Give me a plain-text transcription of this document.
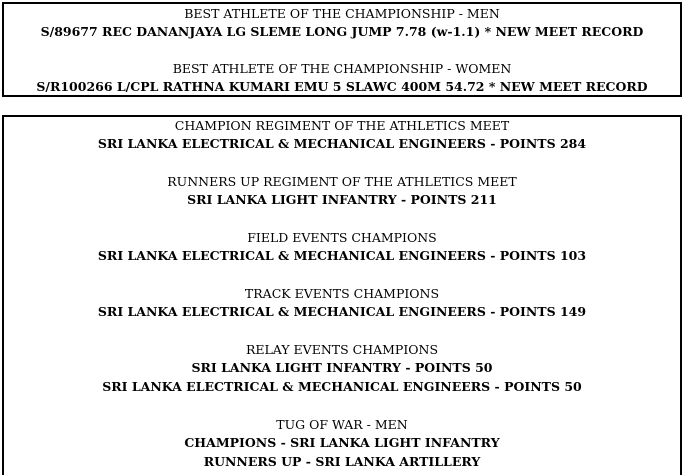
BEST ATHLETE OF THE CHAMPIONSHIP - MEN
S/89677 REC DANANJAYA LG SLEME LONG JUMP 7.78 (w-1.1) * NEW MEET RECORD
BEST ATHLETE OF THE CHAMPIONSHIP - WOMEN
S/R100266 L/CPL RATHNA KUMARI EMU 5 SLAWC 400M 54.72 * NEW MEET RECORD
CHAMPION REGIMENT OF THE ATHLETICS MEET
SRI LANKA ELECTRICAL & MECHANICAL ENGINEERS - POINTS 284
RUNNERS UP REGIMENT OF THE ATHLETICS MEET
SRI LANKA LIGHT INFANTRY - POINTS 211
FIELD EVENTS CHAMPIONS
SRI LANKA ELECTRICAL & MECHANICAL ENGINEERS - POINTS 103
TRACK EVENTS CHAMPIONS
SRI LANKA ELECTRICAL & MECHANICAL ENGINEERS - POINTS 149
RELAY EVENTS CHAMPIONS
SRI LANKA LIGHT INFANTRY - POINTS 50
SRI LANKA ELECTRICAL & MECHANICAL ENGINEERS - POINTS 50
TUG OF WAR - MEN
CHAMPIONS - SRI LANKA LIGHT INFANTRY
RUNNERS UP - SRI LANKA ARTILLERY
